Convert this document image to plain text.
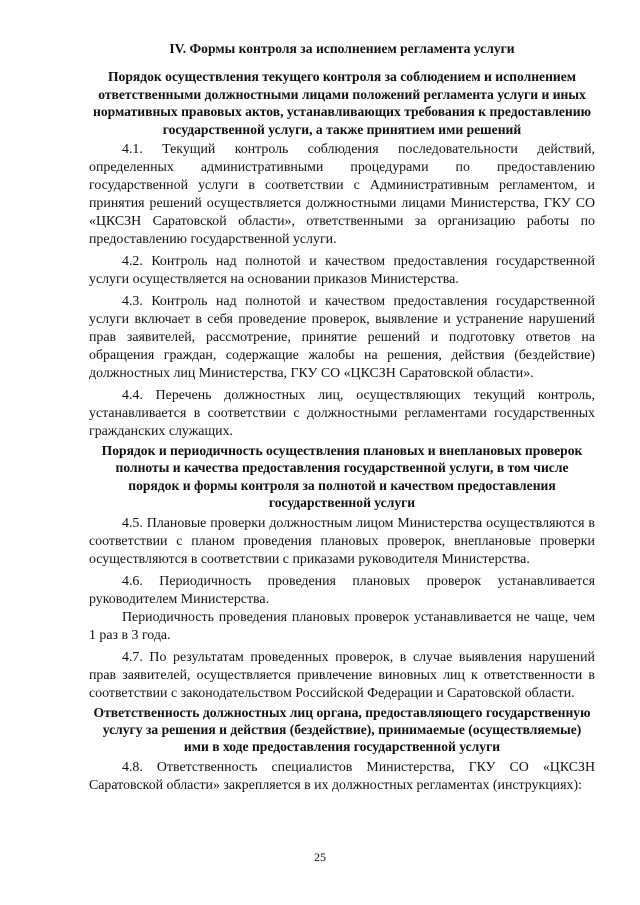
IV. Формы контроля за исполнением регламента услуги

Порядок осуществления текущего контроля за соблюдением и исполнением ответственными должностными лицами положений регламента услуги и иных нормативных правовых актов, устанавливающих требования к предоставлению государственной услуги, а также принятием ими решений

4.1. Текущий контроль соблюдения последовательности действий, определенных административными процедурами по предоставлению государственной услуги в соответствии с Административным регламентом, и принятия решений осуществляется должностными лицами Министерства, ГКУ СО «ЦКСЗН Саратовской области», ответственными за организацию работы по предоставлению государственной услуги.

4.2. Контроль над полнотой и качеством предоставления государственной услуги осуществляется на основании приказов Министерства.

4.3. Контроль над полнотой и качеством предоставления государственной услуги включает в себя проведение проверок, выявление и устранение нарушений прав заявителей, рассмотрение, принятие решений и подготовку ответов на обращения граждан, содержащие жалобы на решения, действия (бездействие) должностных лиц Министерства, ГКУ СО «ЦКСЗН Саратовской области».

4.4. Перечень должностных лиц, осуществляющих текущий контроль, устанавливается в соответствии с должностными регламентами государственных гражданских служащих.

Порядок и периодичность осуществления плановых и внеплановых проверок полноты и качества предоставления государственной услуги, в том числе порядок и формы контроля за полнотой и качеством предоставления государственной услуги

4.5. Плановые проверки должностным лицом Министерства осуществляются в соответствии с планом проведения плановых проверок, внеплановые проверки осуществляются в соответствии с приказами руководителя Министерства.

4.6. Периодичность проведения плановых проверок устанавливается руководителем Министерства.

Периодичность проведения плановых проверок устанавливается не чаще, чем 1 раз в 3 года.

4.7. По результатам проведенных проверок, в случае выявления нарушений прав заявителей, осуществляется привлечение виновных лиц к ответственности в соответствии с законодательством Российской Федерации и Саратовской области.

Ответственность должностных лиц органа, предоставляющего государственную услугу за решения и действия (бездействие), принимаемые (осуществляемые) ими в ходе предоставления государственной услуги

4.8. Ответственность специалистов Министерства, ГКУ СО «ЦКСЗН Саратовской области» закрепляется в их должностных регламентах (инструкциях):

25
